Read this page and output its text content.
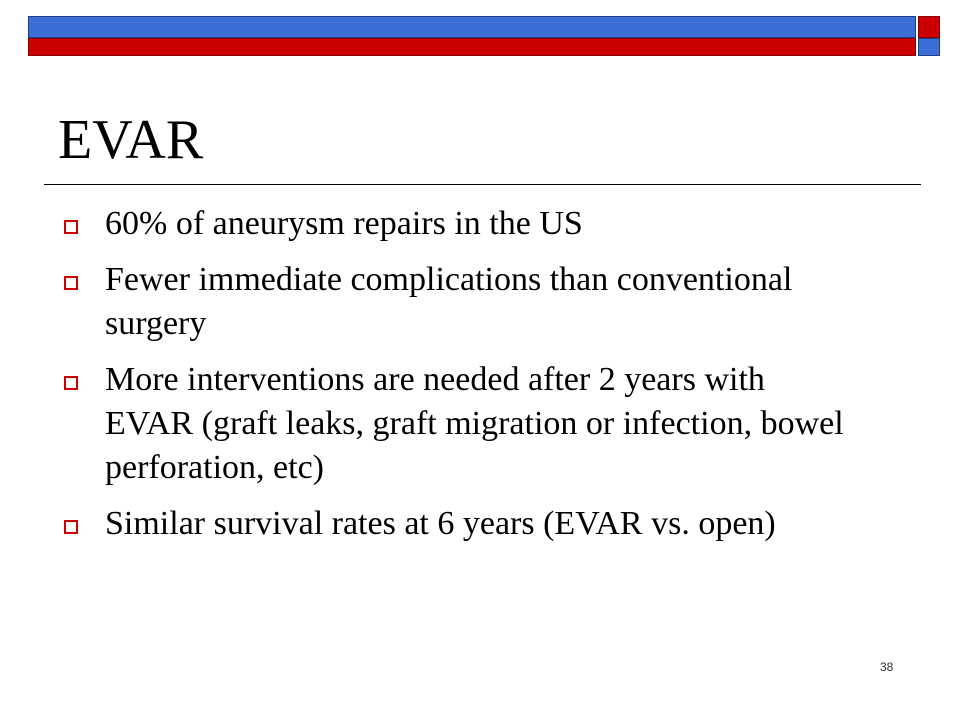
EVAR
60% of aneurysm repairs in the US
Fewer immediate complications than conventional surgery
More interventions are needed after 2 years with EVAR (graft leaks, graft migration or infection, bowel perforation, etc)
Similar survival rates at 6 years (EVAR vs. open)
38
